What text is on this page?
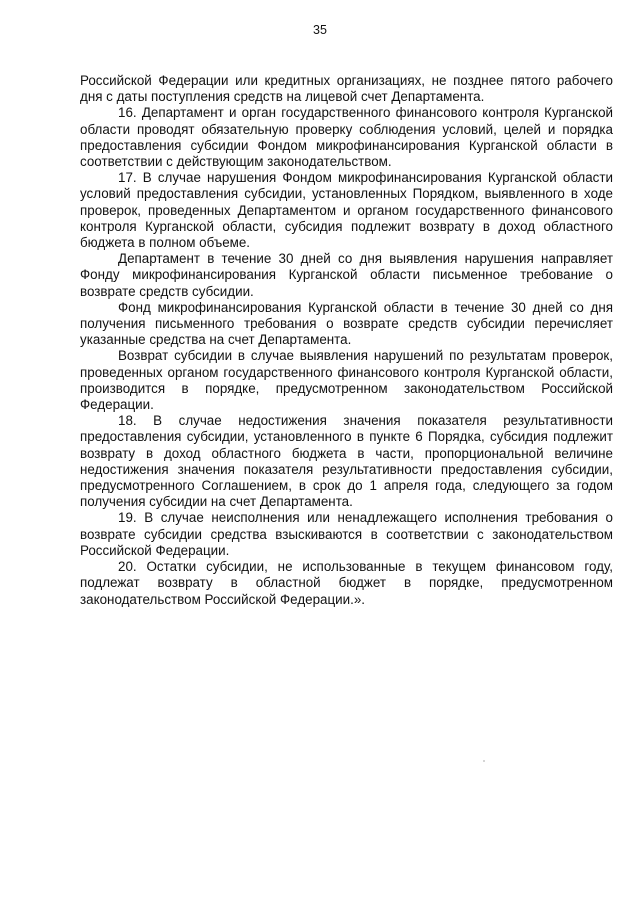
35

Российской Федерации или кредитных организациях, не позднее пятого рабочего дня с даты поступления средств на лицевой счет Департамента.

16. Департамент и орган государственного финансового контроля Курганской области проводят обязательную проверку соблюдения условий, целей и порядка предоставления субсидии Фондом микрофинансирования Курганской области в соответствии с действующим законодательством.

17. В случае нарушения Фондом микрофинансирования Курганской области условий предоставления субсидии, установленных Порядком, выявленного в ходе проверок, проведенных Департаментом и органом государственного финансового контроля Курганской области, субсидия подлежит возврату в доход областного бюджета в полном объеме.

Департамент в течение 30 дней со дня выявления нарушения направляет Фонду микрофинансирования Курганской области письменное требование о возврате средств субсидии.

Фонд микрофинансирования Курганской области в течение 30 дней со дня получения письменного требования о возврате средств субсидии перечисляет указанные средства на счет Департамента.

Возврат субсидии в случае выявления нарушений по результатам проверок, проведенных органом государственного финансового контроля Курганской области, производится в порядке, предусмотренном законодательством Российской Федерации.

18. В случае недостижения значения показателя результативности предоставления субсидии, установленного в пункте 6 Порядка, субсидия подлежит возврату в доход областного бюджета в части, пропорциональной величине недостижения значения показателя результативности предоставления субсидии, предусмотренного Соглашением, в срок до 1 апреля года, следующего за годом получения субсидии на счет Департамента.

19. В случае неисполнения или ненадлежащего исполнения требования о возврате субсидии средства взыскиваются в соответствии с законодательством Российской Федерации.

20. Остатки субсидии, не использованные в текущем финансовом году, подлежат возврату в областной бюджет в порядке, предусмотренном законодательством Российской Федерации.».
